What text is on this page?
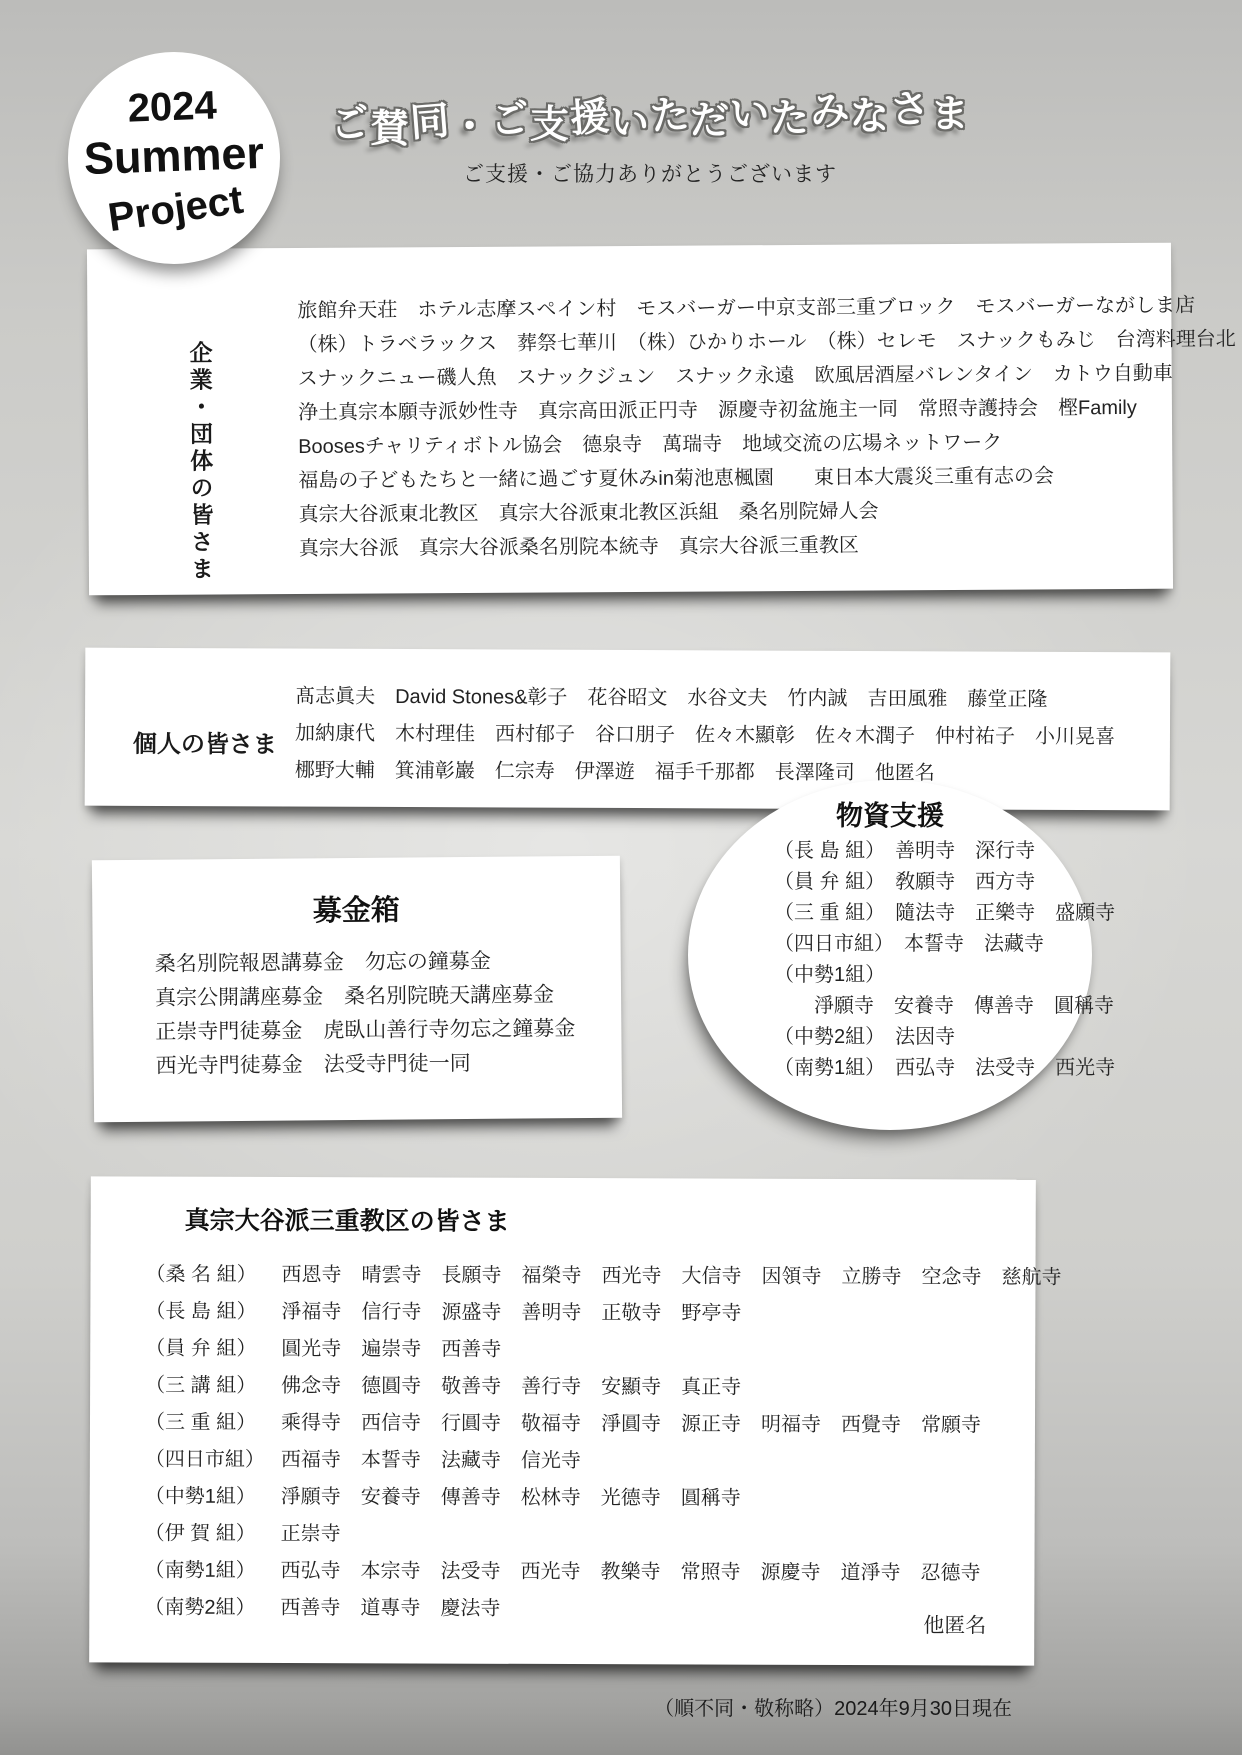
ご賛同・ご支援いただいたみなさま
ご支援・ご協力ありがとうございます
企業・団体の皆さま
旅館弁天荘　ホテル志摩スペイン村　モスバーガー中京支部三重ブロック　モスバーガーながしま店
（株）トラベラックス　葬祭七華川　（株）ひかりホール　（株）セレモ　スナックもみじ　台湾料理台北
スナックニュー磯人魚　スナックジュン　スナック永遠　欧風居酒屋バレンタイン　カトウ自動車
浄土真宗本願寺派妙性寺　真宗高田派正円寺　源慶寺初盆施主一同　常照寺護持会　樫Family
Boosesチャリティボトル協会　德泉寺　萬瑞寺　地域交流の広場ネットワーク
福島の子どもたちと一緒に過ごす夏休みin菊池恵楓園　　東日本大震災三重有志の会
真宗大谷派東北教区　真宗大谷派東北教区浜組　桑名別院婦人会
真宗大谷派　真宗大谷派桑名別院本統寺　真宗大谷派三重教区
2024
Summer
Project
個人の皆さま
髙志眞夫　David Stones&彰子　花谷昭文　水谷文夫　竹内誠　吉田風雅　藤堂正隆
加納康代　木村理佳　西村郁子　谷口朋子　佐々木顯彰　佐々木潤子　仲村祐子　小川晃喜
梛野大輔　箕浦彰巖　仁宗寿　伊澤遊　福手千那都　長澤隆司　他匿名
募金箱
桑名別院報恩講募金　勿忘の鐘募金
真宗公開講座募金　桑名別院暁天講座募金
正崇寺門徒募金　虎臥山善行寺勿忘之鐘募金
西光寺門徒募金　法受寺門徒一同
物資支援
（長 島 組）　善明寺　深行寺
（員 弁 組）　敎願寺　西方寺
（三 重 組）　隨法寺　正樂寺　盛願寺
（四日市組）　本誓寺　法藏寺
（中勢1組）
　　淨願寺　安養寺　傳善寺　圓稱寺
（中勢2組）　法因寺
（南勢1組）　西弘寺　法受寺　西光寺
真宗大谷派三重教区の皆さま
（桑 名 組） 西恩寺　晴雲寺　長願寺　福榮寺　西光寺　大信寺　因領寺　立勝寺　空念寺　慈航寺
（長 島 組） 淨福寺　信行寺　源盛寺　善明寺　正敬寺　野亭寺
（員 弁 組） 圓光寺　遍崇寺　西善寺
（三 講 組） 佛念寺　德圓寺　敬善寺　善行寺　安顯寺　真正寺
（三 重 組） 乘得寺　西信寺　行圓寺　敬福寺　淨圓寺　源正寺　明福寺　西覺寺　常願寺
（四日市組） 西福寺　本誓寺　法藏寺　信光寺
（中勢1組） 淨願寺　安養寺　傳善寺　松林寺　光德寺　圓稱寺
（伊 賀 組） 正崇寺
（南勢1組） 西弘寺　本宗寺　法受寺　西光寺　教樂寺　常照寺　源慶寺　道淨寺　忍德寺
（南勢2組） 西善寺　道專寺　慶法寺
他匿名
（順不同・敬称略）2024年9月30日現在
